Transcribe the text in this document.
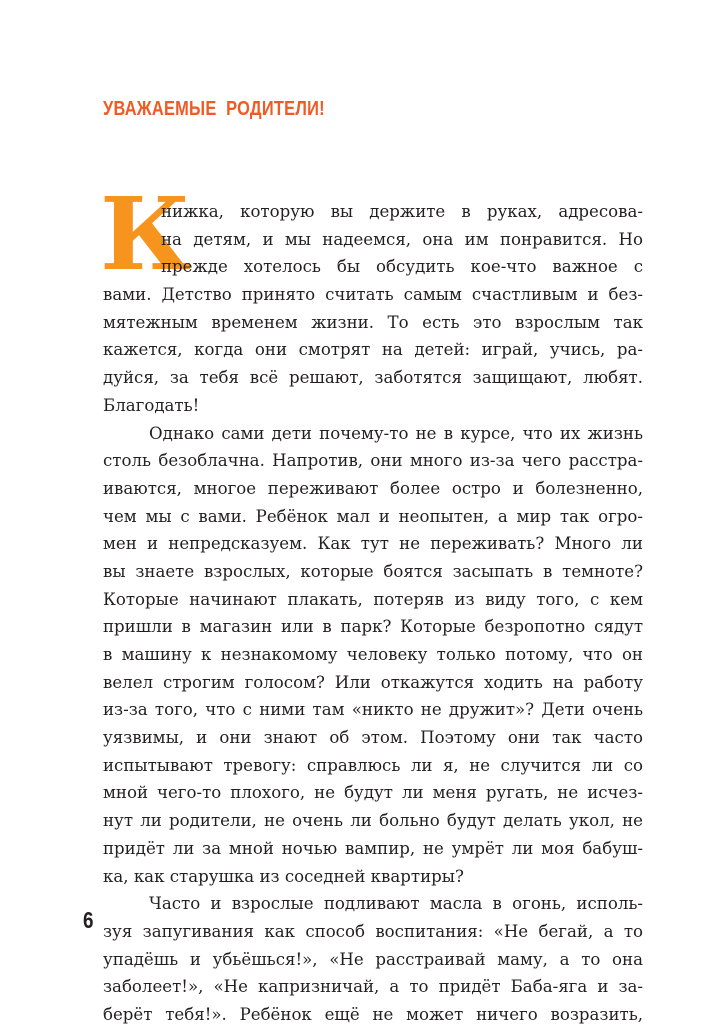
УВАЖАЕМЫЕ  РОДИТЕЛИ!
К
нижка, которую вы держите в руках, адресова-
на детям, и мы надеемся, она им понравится. Но
прежде хотелось бы обсудить кое-что важное с
вами. Детство принято считать самым счастливым и без-
мятежным временем жизни. То есть это взрослым так
кажется, когда они смотрят на детей: играй, учись, ра-
дуйся, за тебя всё решают, заботятся защищают, любят.
Благодать!
Однако сами дети почему-то не в курсе, что их жизнь
столь безоблачна. Напротив, они много из-за чего расстра-
иваются, многое переживают более остро и болезненно,
чем мы с вами. Ребёнок мал и неопытен, а мир так огро-
мен и непредсказуем. Как тут не переживать? Много ли
вы знаете взрослых, которые боятся засыпать в темноте?
Которые начинают плакать, потеряв из виду того, с кем
пришли в магазин или в парк? Которые безропотно сядут
в машину к незнакомому человеку только потому, что он
велел строгим голосом? Или откажутся ходить на работу
из-за того, что с ними там «никто не дружит»? Дети очень
уязвимы, и они знают об этом. Поэтому они так часто
испытывают тревогу: справлюсь ли я, не случится ли со
мной чего-то плохого, не будут ли меня ругать, не исчез-
нут ли родители, не очень ли больно будут делать укол, не
придёт ли за мной ночью вампир, не умрёт ли моя бабуш-
ка, как старушка из соседней квартиры?
Часто и взрослые подливают масла в огонь, исполь-
зуя запугивания как способ воспитания: «Не бегай, а то
упадёшь и убьёшься!», «Не расстраивай маму, а то она
заболеет!», «Не капризничай, а то придёт Баба-яга и за-
берёт тебя!». Ребёнок ещё не может ничего возразить,
6
